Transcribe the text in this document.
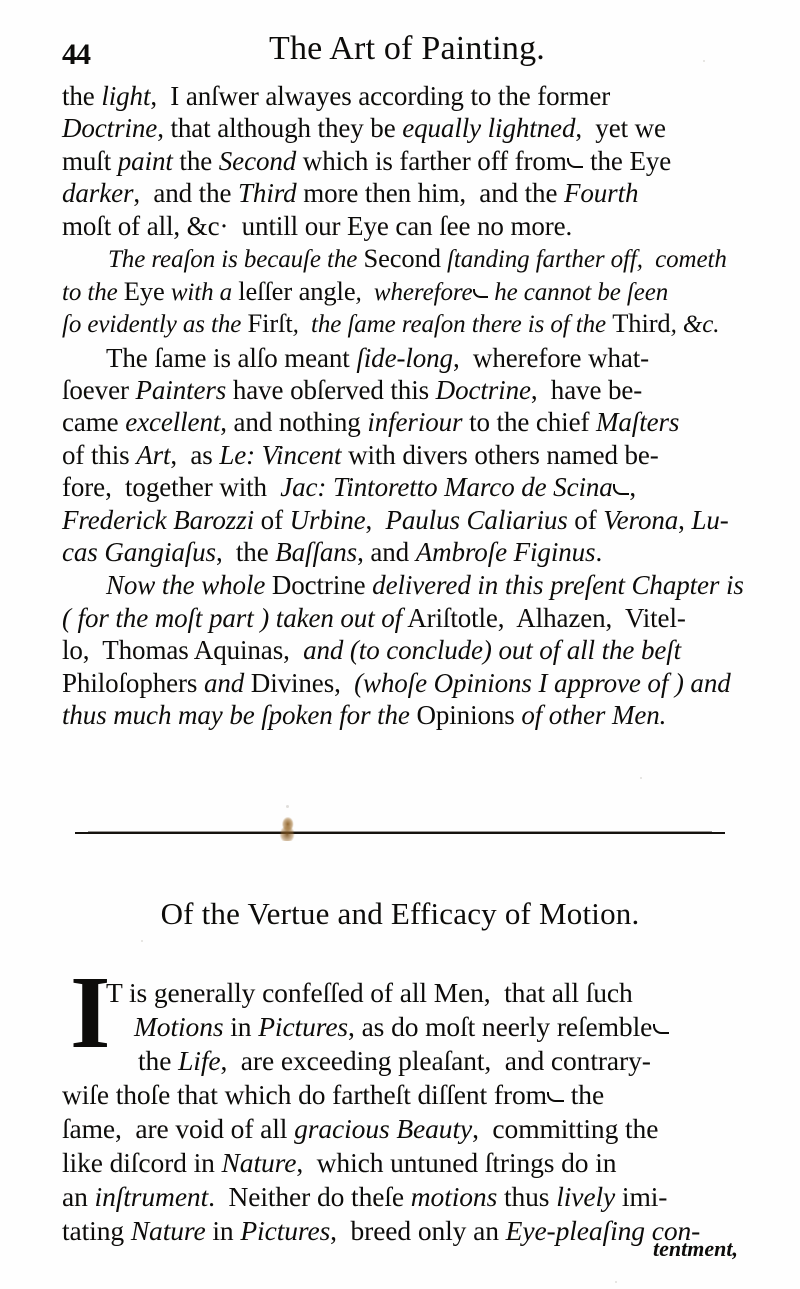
44	The Art of Painting.
the light,  I anſwer alwayes according to the former
Doctrine, that although they be equally lightned,  yet we
muſt paint the Second which is farther off from the Eye
darker,  and the Third more then him,  and the Fourth
moſt of all, &c·  untill our Eye can ſee no more.
The reaſon is becauſe the Second ſtanding farther off,  cometh
to the Eye with a leſſer angle,  wherefore he cannot be ſeen
ſo evidently as the Firſt,  the ſame reaſon there is of the Third, &c.
The ſame is alſo meant ſide-long,  wherefore what-
ſoever Painters have obſerved this Doctrine,  have be-
came excellent, and nothing inferiour to the chief Maſters
of this Art,  as Le: Vincent with divers others named be-
fore,  together with  Jac: Tintoretto Marco de Scina ,
Frederick Barozzi of Urbine,  Paulus Caliarius of Verona, Lu-
cas Gangiaſus,  the Baſſans, and Ambroſe Figinus.
Now the whole Doctrine delivered in this preſent Chapter is
( for the moſt part ) taken out of Ariſtotle,  Alhazen,  Vitel-
lo,  Thomas Aquinas,  and (to conclude) out of all the beſt
Philoſophers and Divines,  (whoſe Opinions I approve of ) and
thus much may be ſpoken for the Opinions of other Men.
Of the Vertue and Efficacy of Motion.
I
T is generally confeſſed of all Men,  that all ſuch
Motions in Pictures, as do moſt neerly reſemble
the Life,  are exceeding pleaſant,  and contrary-
wiſe thoſe that which do fartheſt diſſent from the
ſame,  are void of all gracious Beauty,  committing the
like diſcord in Nature,  which untuned ſtrings do in
an inſtrument.  Neither do theſe motions thus lively imi-
tating Nature in Pictures,  breed only an Eye-pleaſing con-
tentment,
